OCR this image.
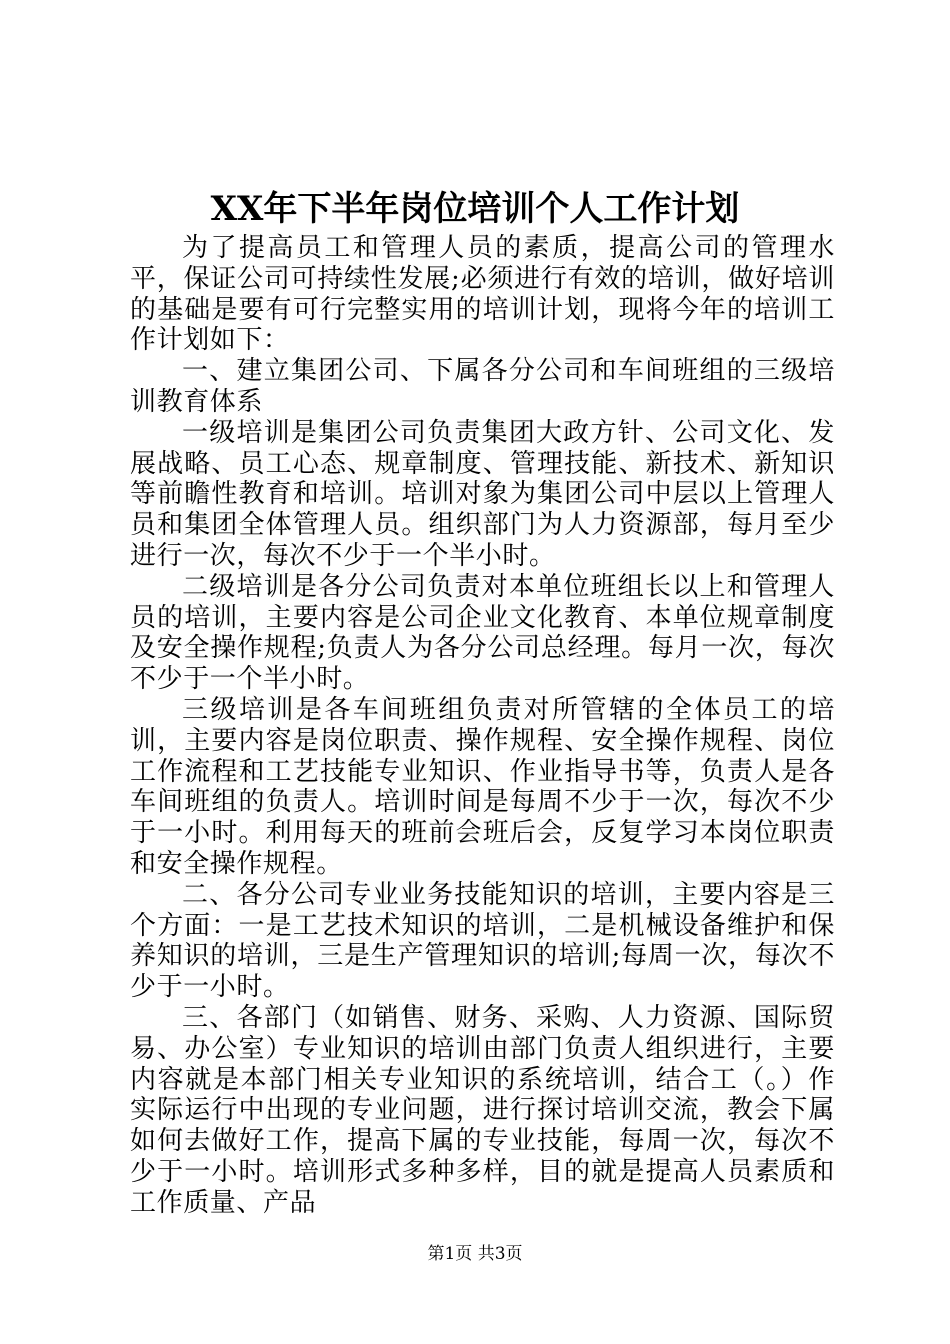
XX年下半年岗位培训个人工作计划

为了提高员工和管理人员的素质，提高公司的管理水平，保证公司可持续性发展;必须进行有效的培训，做好培训的基础是要有可行完整实用的培训计划，现将今年的培训工作计划如下：

一、建立集团公司、下属各分公司和车间班组的三级培训教育体系

一级培训是集团公司负责集团大政方针、公司文化、发展战略、员工心态、规章制度、管理技能、新技术、新知识等前瞻性教育和培训。培训对象为集团公司中层以上管理人员和集团全体管理人员。组织部门为人力资源部，每月至少进行一次，每次不少于一个半小时。

二级培训是各分公司负责对本单位班组长以上和管理人员的培训，主要内容是公司企业文化教育、本单位规章制度及安全操作规程;负责人为各分公司总经理。每月一次，每次不少于一个半小时。

三级培训是各车间班组负责对所管辖的全体员工的培训，主要内容是岗位职责、操作规程、安全操作规程、岗位工作流程和工艺技能专业知识、作业指导书等，负责人是各车间班组的负责人。培训时间是每周不少于一次，每次不少于一小时。利用每天的班前会班后会，反复学习本岗位职责和安全操作规程。

二、各分公司专业业务技能知识的培训，主要内容是三个方面：一是工艺技术知识的培训，二是机械设备维护和保养知识的培训，三是生产管理知识的培训;每周一次，每次不少于一小时。

三、各部门（如销售、财务、采购、人力资源、国际贸易、办公室）专业知识的培训由部门负责人组织进行，主要内容就是本部门相关专业知识的系统培训，结合工（。）作实际运行中出现的专业问题，进行探讨培训交流，教会下属如何去做好工作，提高下属的专业技能，每周一次，每次不少于一小时。培训形式多种多样，目的就是提高人员素质和工作质量、产品

第1页 共3页
